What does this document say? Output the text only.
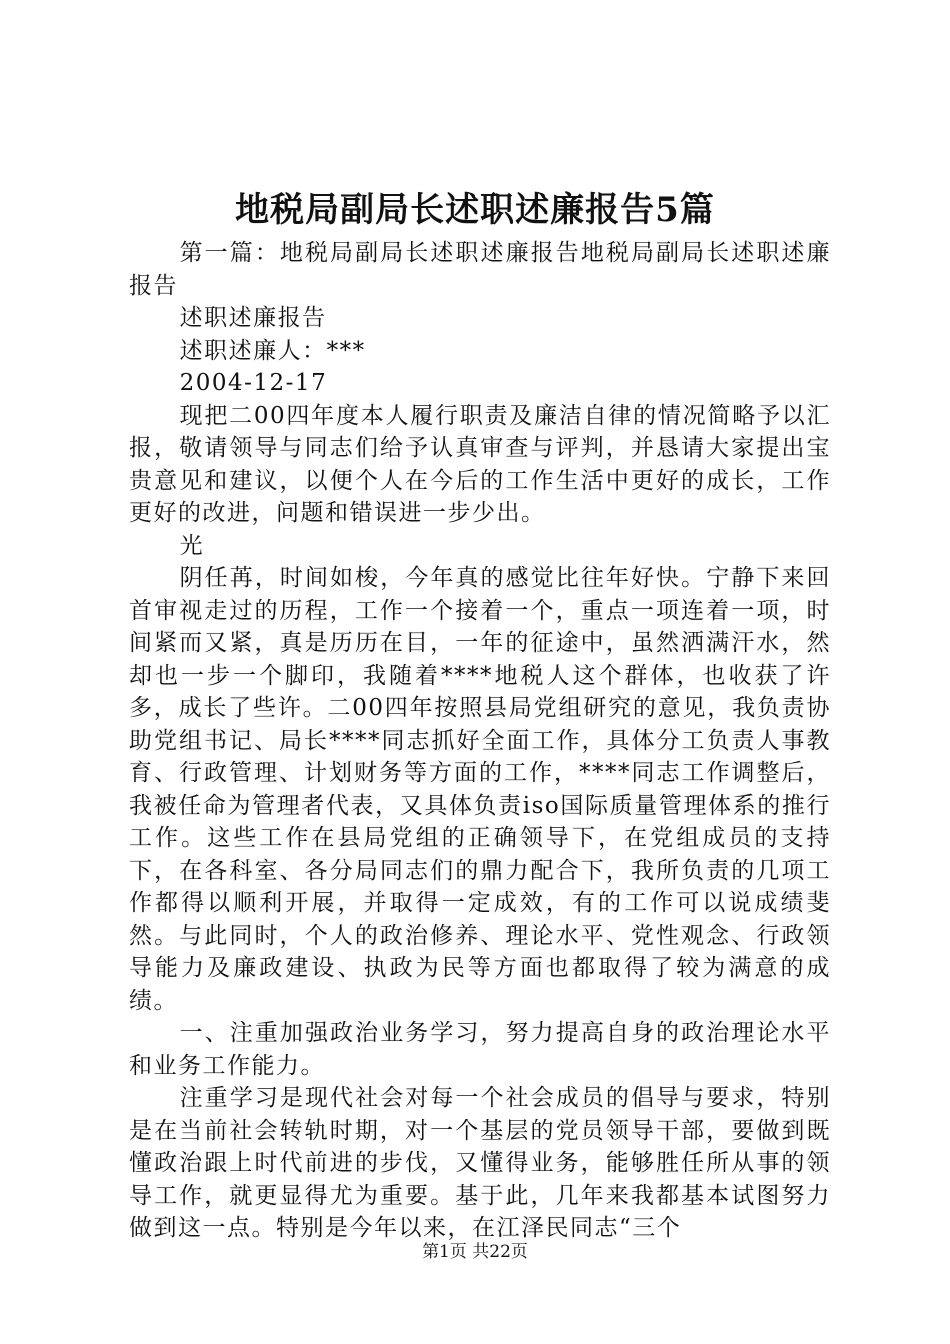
地税局副局长述职述廉报告5篇

第一篇：地税局副局长述职述廉报告地税局副局长述职述廉报告

述职述廉报告

述职述廉人：***

2004-12-17

现把二00四年度本人履行职责及廉洁自律的情况简略予以汇报，敬请领导与同志们给予认真审查与评判，并恳请大家提出宝贵意见和建议，以便个人在今后的工作生活中更好的成长，工作更好的改进，问题和错误进一步少出。

光

阴任苒，时间如梭，今年真的感觉比往年好快。宁静下来回首审视走过的历程，工作一个接着一个，重点一项连着一项，时间紧而又紧，真是历历在目，一年的征途中，虽然洒满汗水，然却也一步一个脚印，我随着****地税人这个群体，也收获了许多，成长了些许。二00四年按照县局党组研究的意见，我负责协助党组书记、局长****同志抓好全面工作，具体分工负责人事教育、行政管理、计划财务等方面的工作，****同志工作调整后，我被任命为管理者代表，又具体负责iso国际质量管理体系的推行工作。这些工作在县局党组的正确领导下，在党组成员的支持下，在各科室、各分局同志们的鼎力配合下，我所负责的几项工作都得以顺利开展，并取得一定成效，有的工作可以说成绩斐然。与此同时，个人的政治修养、理论水平、党性观念、行政领导能力及廉政建设、执政为民等方面也都取得了较为满意的成绩。

一、注重加强政治业务学习，努力提高自身的政治理论水平和业务工作能力。

注重学习是现代社会对每一个社会成员的倡导与要求，特别是在当前社会转轨时期，对一个基层的党员领导干部，要做到既懂政治跟上时代前进的步伐，又懂得业务，能够胜任所从事的领导工作，就更显得尤为重要。基于此，几年来我都基本试图努力做到这一点。特别是今年以来，在江泽民同志“三个

第1页 共22页
